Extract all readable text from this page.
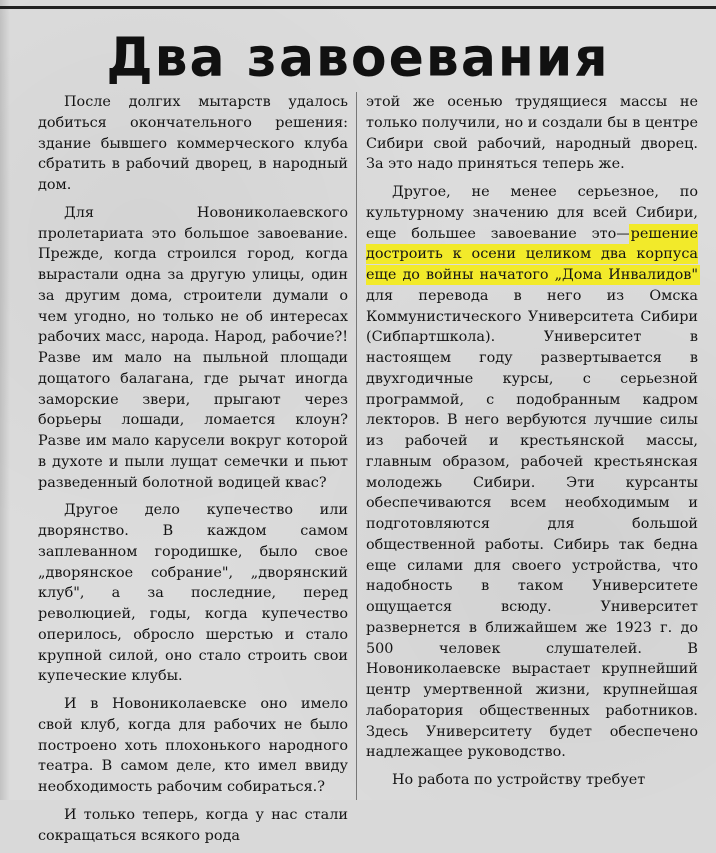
Два завоевания

После долгих мытарств удалось добиться окончательного решения: здание бывшего коммерческого клуба сбратить в рабочий дворец, в народный дом.

Для Новониколаевского пролетариата это большое завоевание. Прежде, когда строился город, когда вырастали одна за другую улицы, один за другим дома, строители думали о чем угодно, но только не об интересах рабочих масс, народа. Народ, рабочие?! Разве им мало на пыльной площади дощатого балагана, где рычат иногда заморские звери, прыгают через борьеры лошади, ломается клоун? Разве им мало карусели вокруг которой в духоте и пыли лущат семечки и пьют разведенный болотной водицей квас?

Другое дело купечество или дворянство. В каждом самом заплеванном городишке, было свое „дворянское собрание", „дворянский клуб", а за последние, перед революцией, годы, когда купечество оперилось, обросло шерстью и стало крупной силой, оно стало строить свои купеческие клубы.

И в Новониколаевске оно имело свой клуб, когда для рабочих не было построено хоть плохонького народного театра. В самом деле, кто имел ввиду необходимость рабочим собираться.?

И только теперь, когда у нас стали сокращаться всякого рода

этой же осенью трудящиеся массы не только получили, но и создали бы в центре Сибири свой рабочий, народный дворец. За это надо приняться теперь же.

Другое, не менее серьезное, по культурному значению для всей Сибири, еще большее завоевание это—решение достроить к осени целиком два корпуса еще до войны начатого „Дома Инвалидов" для перевода в него из Омска Коммунистического Университета Сибири (Сибпартшкола). Университет в настоящем году развертывается в двухгодичные курсы, с серьезной программой, с подобранным кадром лекторов. В него вербуются лучшие силы из рабочей и крестьянской массы, главным образом, рабочей крестьянская молодежь Сибири. Эти курсанты обеспечиваются всем необходимым и подготовляются для большой общественной работы. Сибирь так бедна еще силами для своего устройства, что надобность в таком Университете ощущается всюду. Университет развернется в ближайшем же 1923 г. до 500 человек слушателей. В Новониколаевске вырастает крупнейший центр умертвенной жизни, крупнейшая лаборатория общественных работников. Здесь Университету будет обеспечено надлежащее руководство.

Но работа по устройству требует
